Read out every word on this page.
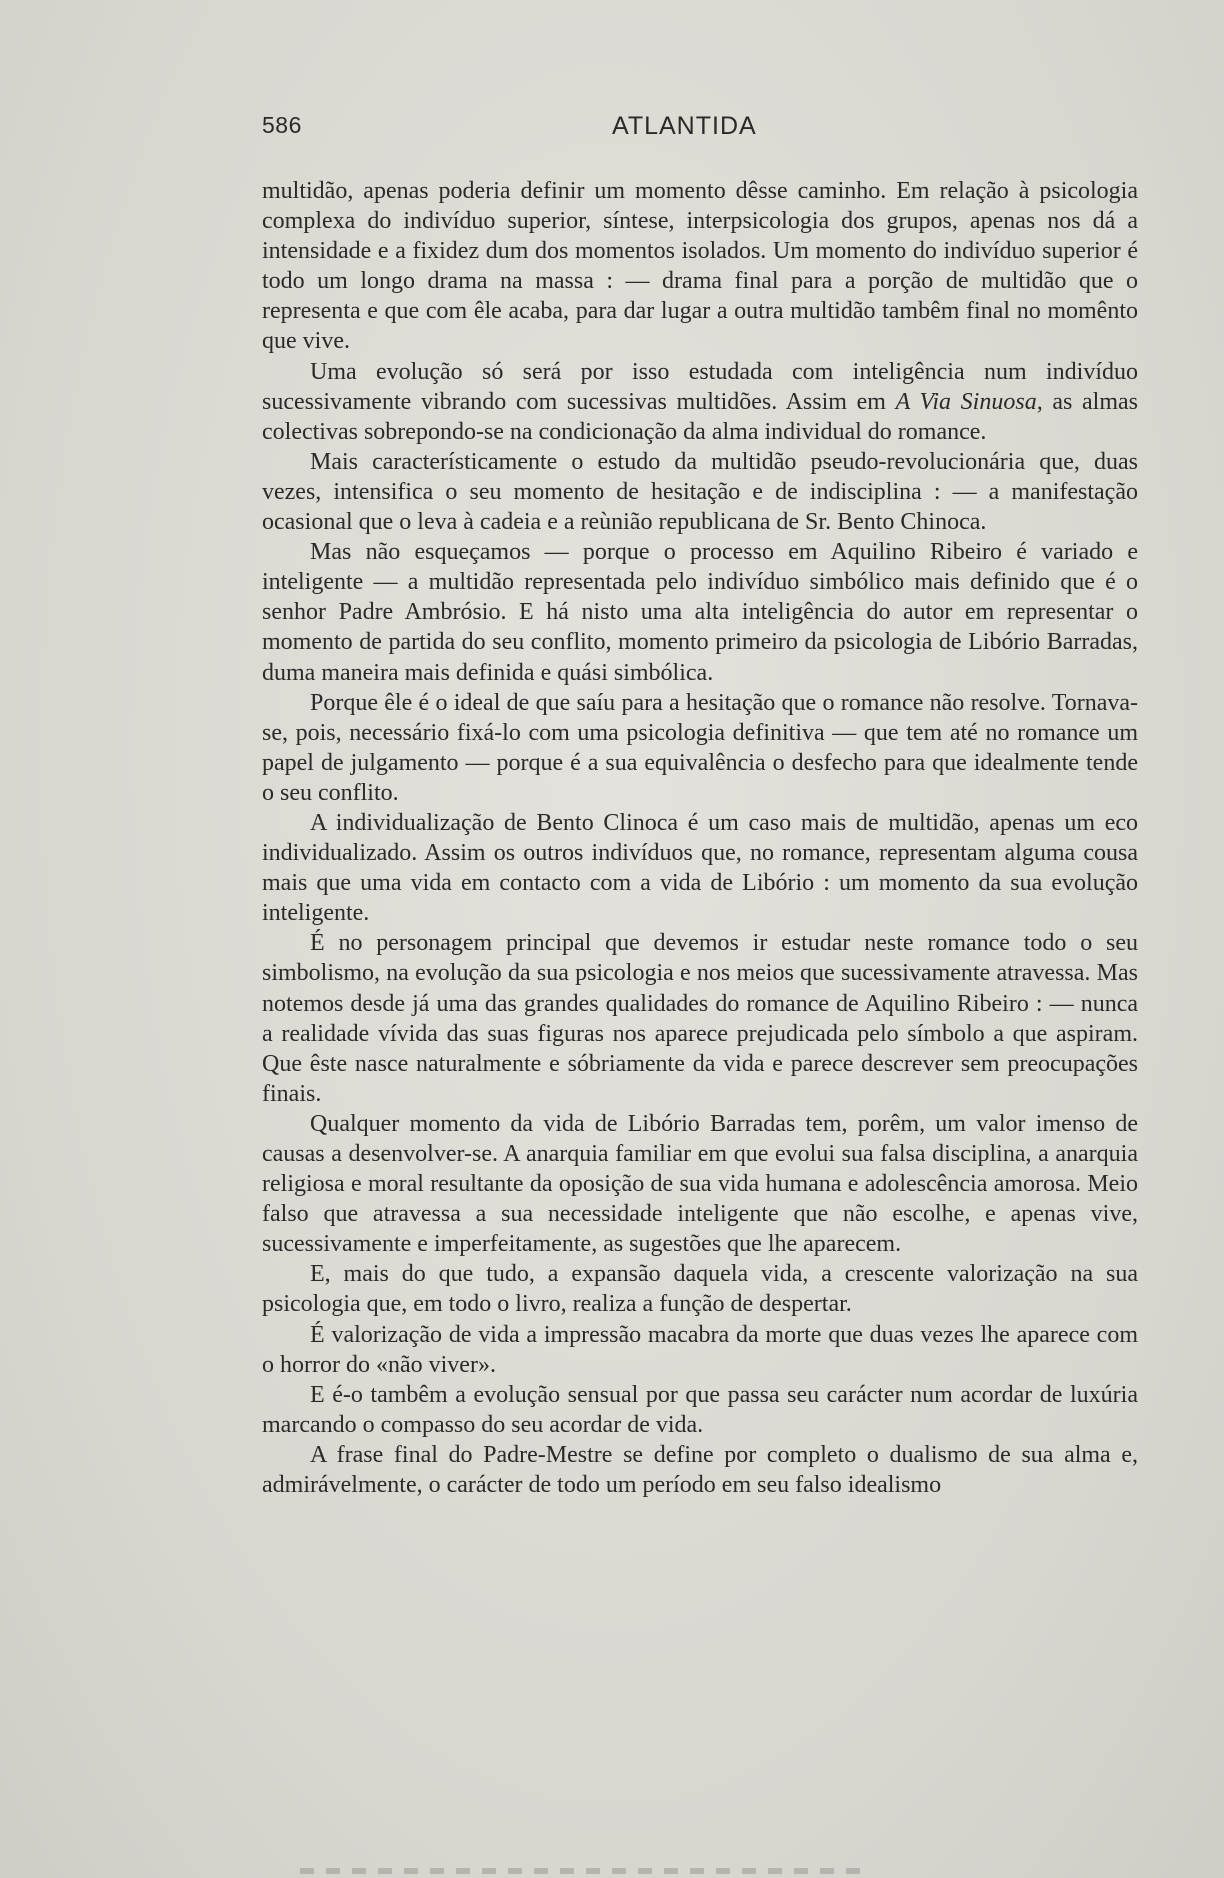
586	ATLANTIDA

multidão, apenas poderia definir um momento dêsse caminho. Em relação à psicologia complexa do indivíduo superior, síntese, interpsicologia dos grupos, apenas nos dá a intensidade e a fixidez dum dos momentos isolados. Um momento do indivíduo superior é todo um longo drama na massa : — drama final para a porção de multidão que o representa e que com êle acaba, para dar lugar a outra multidão tambêm final no momênto que vive.

Uma evolução só será por isso estudada com inteligência num indivíduo sucessivamente vibrando com sucessivas multidões. Assim em A Via Sinuosa, as almas colectivas sobrepondo-se na condicionação da alma individual do romance.

Mais característicamente o estudo da multidão pseudo-revolucionária que, duas vezes, intensifica o seu momento de hesitação e de indisciplina : — a manifestação ocasional que o leva à cadeia e a reùnião republicana de Sr. Bento Chinoca.

Mas não esqueçamos — porque o processo em Aquilino Ribeiro é variado e inteligente — a multidão representada pelo indivíduo simbólico mais definido que é o senhor Padre Ambrósio. E há nisto uma alta inteligência do autor em representar o momento de partida do seu conflito, momento primeiro da psicologia de Libório Barradas, duma maneira mais definida e quási simbólica.

Porque êle é o ideal de que saíu para a hesitação que o romance não resolve. Tornava-se, pois, necessário fixá-lo com uma psicologia definitiva — que tem até no romance um papel de julgamento — porque é a sua equivalência o desfecho para que idealmente tende o seu conflito.

A individualização de Bento Clinoca é um caso mais de multidão, apenas um eco individualizado. Assim os outros indivíduos que, no romance, representam alguma cousa mais que uma vida em contacto com a vida de Libório : um momento da sua evolução inteligente.

É no personagem principal que devemos ir estudar neste romance todo o seu simbolismo, na evolução da sua psicologia e nos meios que sucessivamente atravessa. Mas notemos desde já uma das grandes qualidades do romance de Aquilino Ribeiro : — nunca a realidade vívida das suas figuras nos aparece prejudicada pelo símbolo a que aspiram. Que êste nasce naturalmente e sóbriamente da vida e parece descrever sem preocupações finais.

Qualquer momento da vida de Libório Barradas tem, porêm, um valor imenso de causas a desenvolver-se. A anarquia familiar em que evolui sua falsa disciplina, a anarquia religiosa e moral resultante da oposição de sua vida humana e adolescência amorosa. Meio falso que atravessa a sua necessidade inteligente que não escolhe, e apenas vive, sucessivamente e imperfeitamente, as sugestões que lhe aparecem.

E, mais do que tudo, a expansão daquela vida, a crescente valorização na sua psicologia que, em todo o livro, realiza a função de despertar.

É valorização de vida a impressão macabra da morte que duas vezes lhe aparece com o horror do «não viver».

E é-o tambêm a evolução sensual por que passa seu carácter num acordar de luxúria marcando o compasso do seu acordar de vida.

A frase final do Padre-Mestre se define por completo o dualismo de sua alma e, admirávelmente, o carácter de todo um período em seu falso idealismo
